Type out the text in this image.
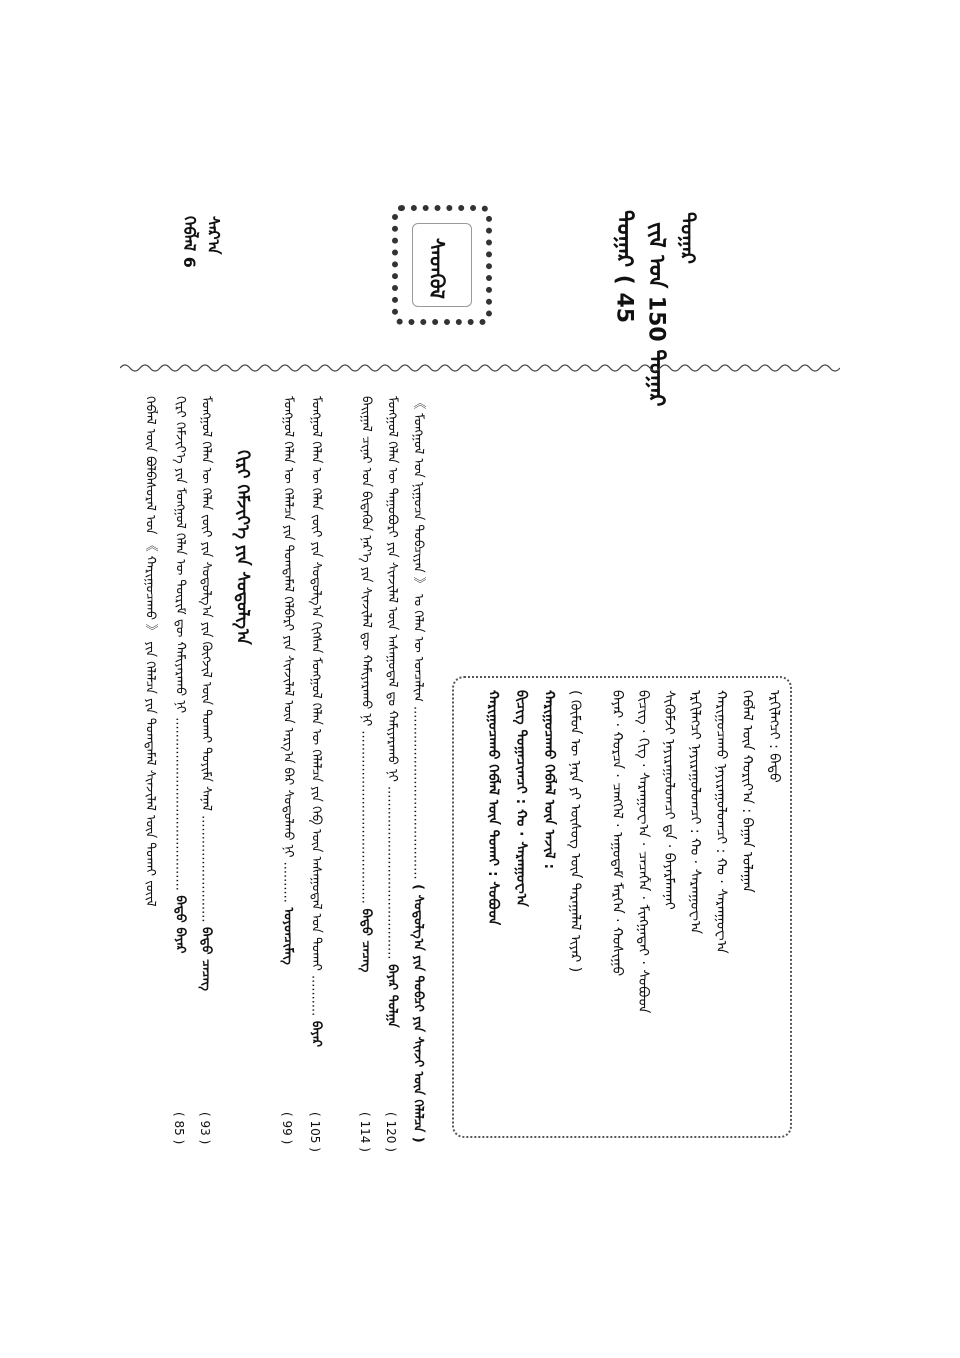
ᠳᠤᠭᠠᠷ ( 45 ᠵᠢᠯ ᠤᠨ 150 ᠳᠤᠭᠠᠷ ᠳᠤᠭᠠᠷ
ᠰᠡᠳᠭᠦᠯ
ᠬᠡᠪᠯᠡᠯ 6 ᠰᠠᠷ᠎ᠠ
ᠡᠷᠬᠢᠯᠡᠭᠴᠢ : ᠪᠠᠲᠤ
ᠬᠡᠪᠯᠡᠯ ᠦᠨ ᠬᠤᠷᠢᠶ᠎ᠠ : ᠪᠠᠭᠠᠨ ᠤᠯᠠᠭᠠᠨ
ᠬᠠᠷᠢᠭᠤᠴᠠᠬᠤ ᠨᠠᠶᠢᠷᠠᠭᠤᠯᠤᠭᠴᠢ : ᠬᠤ · ᠰᠠᠷᠠᠨᠭᠤᠸ᠎ᠠ
ᠡᠷᠬᠢᠯᠡᠭᠴᠢ ᠨᠠᠶᠢᠷᠠᠭᠤᠯᠤᠭᠴᠢ : ᠬᠤ · ᠰᠠᠷᠠᠨᠭᠤᠸ᠎ᠠ
ᠰᠢᠭᠦᠮᠵᠢ ᠨᠠᠶᠢᠷᠠᠭᠤᠯᠤᠭᠴᠢ ᠳᠠ · ᠪᠠᠶᠠᠷᠮᠠᠭᠨᠠᠢ
ᠪᠢᠴᠢᠭ᠌ · ᠬᠢᠭ᠌ · ᠰᠠᠷᠠᠨᠭᠤᠸ᠎ᠠ · ᠴᠡᠴᠡᠭᠮᠠ · ᠮᠢᠩᠭᠠᠳᠠᠢ · ᠰᠤᠪᠤᠳ
ᠪᠠᠶᠠᠷ · ᠬᠤᠷᠴᠠ · ᠴᠡᠩᠭᠡᠯ · ᠠᠭᠤᠳᠠᠮ ᠮᠡᠷᠭᠡᠨ · ᠬᠤᠰᠢᠭᠤ
( ᠬᠦᠮᠦᠨ ᠦ ᠨᠡᠷᠡ ᠶᠢ ᠦᠰᠦᠭ ᠦᠨ ᠳᠠᠷᠠᠭᠠᠯᠠᠯ ᠢᠶᠠᠷ )
ᠬᠠᠷᠢᠭᠤᠴᠠᠬᠤ ᠬᠡᠪᠯᠡᠯ ᠦᠨ ᠠᠵᠢᠯ :
ᠪᠢᠴᠢᠭ᠌ ᠲᠣᠭᠠᠴᠢᠭᠴᠢ : ᠬᠤ · ᠰᠠᠷᠠᠨᠭᠤᠸ᠎ᠠ
ᠬᠠᠷᠢᠭᠤᠴᠠᠬᠤ ᠬᠡᠪᠯᠡᠯ ᠦᠨ ᠲᠤᠬᠠᠶ : ᠰᠤᠪᠤᠳ
ᠬᠢᠷᠢ ᠬᠡᠮᠵᠢᠶ᠎ᠡ ᠶᠢᠨ ᠰᠤᠳᠤᠯᠭ᠎ᠠ	《 ᠮᠣᠩᠭᠣᠯ ᠤᠨ ᠨᠢᠭᠤᠴᠠ ᠲᠣᠪᠴᠢᠶᠠᠨ 》 ᠤ ᠬᠡᠯᠡᠨ ᠦ ᠣᠨᠴᠠᠯᠢᠭ .......................................... ( ᠰᠤᠳᠤᠯᠭ᠎ᠠ ᠶᠢᠨ ᠲᠣᠪᠴᠢ ᠶᠢᠨ ᠰᠢᠨᠵᠢ ᠦᠨ ᠬᠡᠯᠡᠯᠴᠡ )
ᠮᠣᠩᠭᠣᠯ ᠬᠡᠯᠡᠨ ᠦ ᠳᠠᠭᠤᠪᠤᠷᠢ ᠶᠢᠨ ᠰᠢᠨᠵᠢᠯᠡᠯ ᠦᠨ ᠠᠰᠠᠭᠤᠳᠠᠯ ᠳᠤ ᠬᠠᠮᠢᠶᠠᠷᠠᠬᠤ ᠨᠢ .......................................... ᠪᠠᠶᠠᠷ ᠲᠤᠯᠭᠠ
( 120 )
ᠪᠠᠢ᠌ᠭᠠᠯ ᠴᠢᠨᠠᠷ ᠤᠨ ᠪᠢᠳᠡᠭᠦᠨ ᠨᠡᠷ᠎ᠡ ᠶᠢᠨ ᠰᠢᠨᠵᠢᠯᠡᠯ ᠳᠦ ᠬᠠᠮᠢᠶᠠᠷᠠᠬᠤ ᠨᠢ .......................................... ᠪᠠᠲᠤ ᠴᠡᠴᠡᠭ
( 114 )
ᠮᠣᠩᠭᠣᠯ ᠬᠡᠯᠡᠨ ᠦ ᠬᠡᠯᠡᠨ ᠵᠦᠢ ᠶᠢᠨ ᠰᠤᠳᠤᠯᠭ᠎ᠠ ᠬᠢᠭᠰᠡᠨ ᠮᠣᠩᠭᠣᠯ ᠬᠡᠯᠡᠨ ᠦ ᠬᠡᠯᠡᠯᠴᠡ ᠶᠢᠨ ᠬᠡᠪ ᠦᠨ ᠠᠰᠠᠭᠤᠳᠠᠯ ᠤᠨ ᠲᠤᠬᠠᠶ .......... ᠪᠠᠶᠠᠷ
( 105 )
ᠮᠣᠩᠭᠣᠯ ᠬᠡᠯᠡᠨ ᠦ ᠬᠡᠯᠡᠯᠴᠡ ᠶᠢᠨ ᠲᠣᠭᠲᠠᠮᠠᠯ ᠬᠡᠯᠪᠡᠷᠢ ᠶᠢᠨ ᠰᠢᠨᠵᠢᠯᠡᠯ ᠦᠨ ᠠᠷᠭ᠎ᠠ ᠪᠠᠷ ᠰᠤᠳᠤᠯᠬᠤ ᠨᠢ .......... ᠣᠶᠤᠨᠴᠢᠮᠡᠭ
( 99 )
ᠮᠣᠩᠭᠣᠯ ᠬᠡᠯᠡᠨ ᠦ ᠬᠡᠯᠡᠨ ᠵᠦᠢ ᠶᠢᠨ ᠰᠤᠳᠤᠯᠭ᠎ᠠ ᠶᠢᠨ ᠬᠥᠭᠵᠢᠯ ᠦᠨ ᠲᠤᠬᠠᠢ ᠲᠤᠶᠢᠮᠠ ᠰᠠᠨᠠᠯ .......................... ᠪᠠᠲᠤ ᠴᠡᠴᠡᠭ
( 93 )
ᠬᠢᠷᠢ ᠬᠡᠮᠵᠢᠶ᠎ᠡ ᠶᠢᠨ ᠮᠣᠩᠭᠣᠯ ᠬᠡᠯᠡᠨ ᠦ ᠳᠦᠷᠢᠮ ᠳᠦ ᠬᠠᠮᠢᠶᠠᠷᠠᠬᠤ ᠨᠢ .......................................... ᠪᠠᠲᠤ ᠪᠠᠶᠠᠷ
( 85 )
ᠬᠡᠪᠯᠡᠯ ᠦᠨ ᠪᠣᠯᠪᠠᠰᠤᠷᠠᠯ ᠤᠨ 《 ᠬᠠᠷᠢᠭᠤᠴᠠᠬᠤ 》 ᠶᠢᠨ ᠬᠡᠯᠡᠯᠴᠡ ᠶᠢᠨ ᠲᠣᠭᠲᠠᠮᠠᠯ ᠰᠢᠨᠵᠢᠯᠡᠯ ᠦᠨ ᠲᠤᠬᠠᠢ ᠵᠦᠢᠯ
